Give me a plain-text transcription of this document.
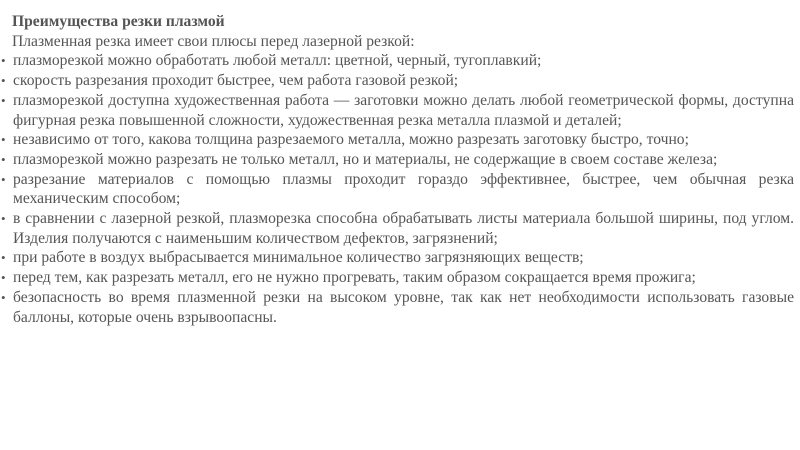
Преимущества резки плазмой

Плазменная резка имеет свои плюсы перед лазерной резкой:

• плазморезкой можно обработать любой металл: цветной, черный, тугоплавкий;
• скорость разрезания проходит быстрее, чем работа газовой резкой;
• плазморезкой доступна художественная работа — заготовки можно делать любой геометрической формы, доступна фигурная резка повышенной сложности, художественная резка металла плазмой и деталей;
• независимо от того, какова толщина разрезаемого металла, можно разрезать заготовку быстро, точно;
• плазморезкой можно разрезать не только металл, но и материалы, не содержащие в своем составе железа;
• разрезание материалов с помощью плазмы проходит гораздо эффективнее, быстрее, чем обычная резка механическим способом;
• в сравнении с лазерной резкой, плазморезка способна обрабатывать листы материала большой ширины, под углом. Изделия получаются с наименьшим количеством дефектов, загрязнений;
• при работе в воздух выбрасывается минимальное количество загрязняющих веществ;
• перед тем, как разрезать металл, его не нужно прогревать, таким образом сокращается время прожига;
• безопасность во время плазменной резки на высоком уровне, так как нет необходимости использовать газовые баллоны, которые очень взрывоопасны.
